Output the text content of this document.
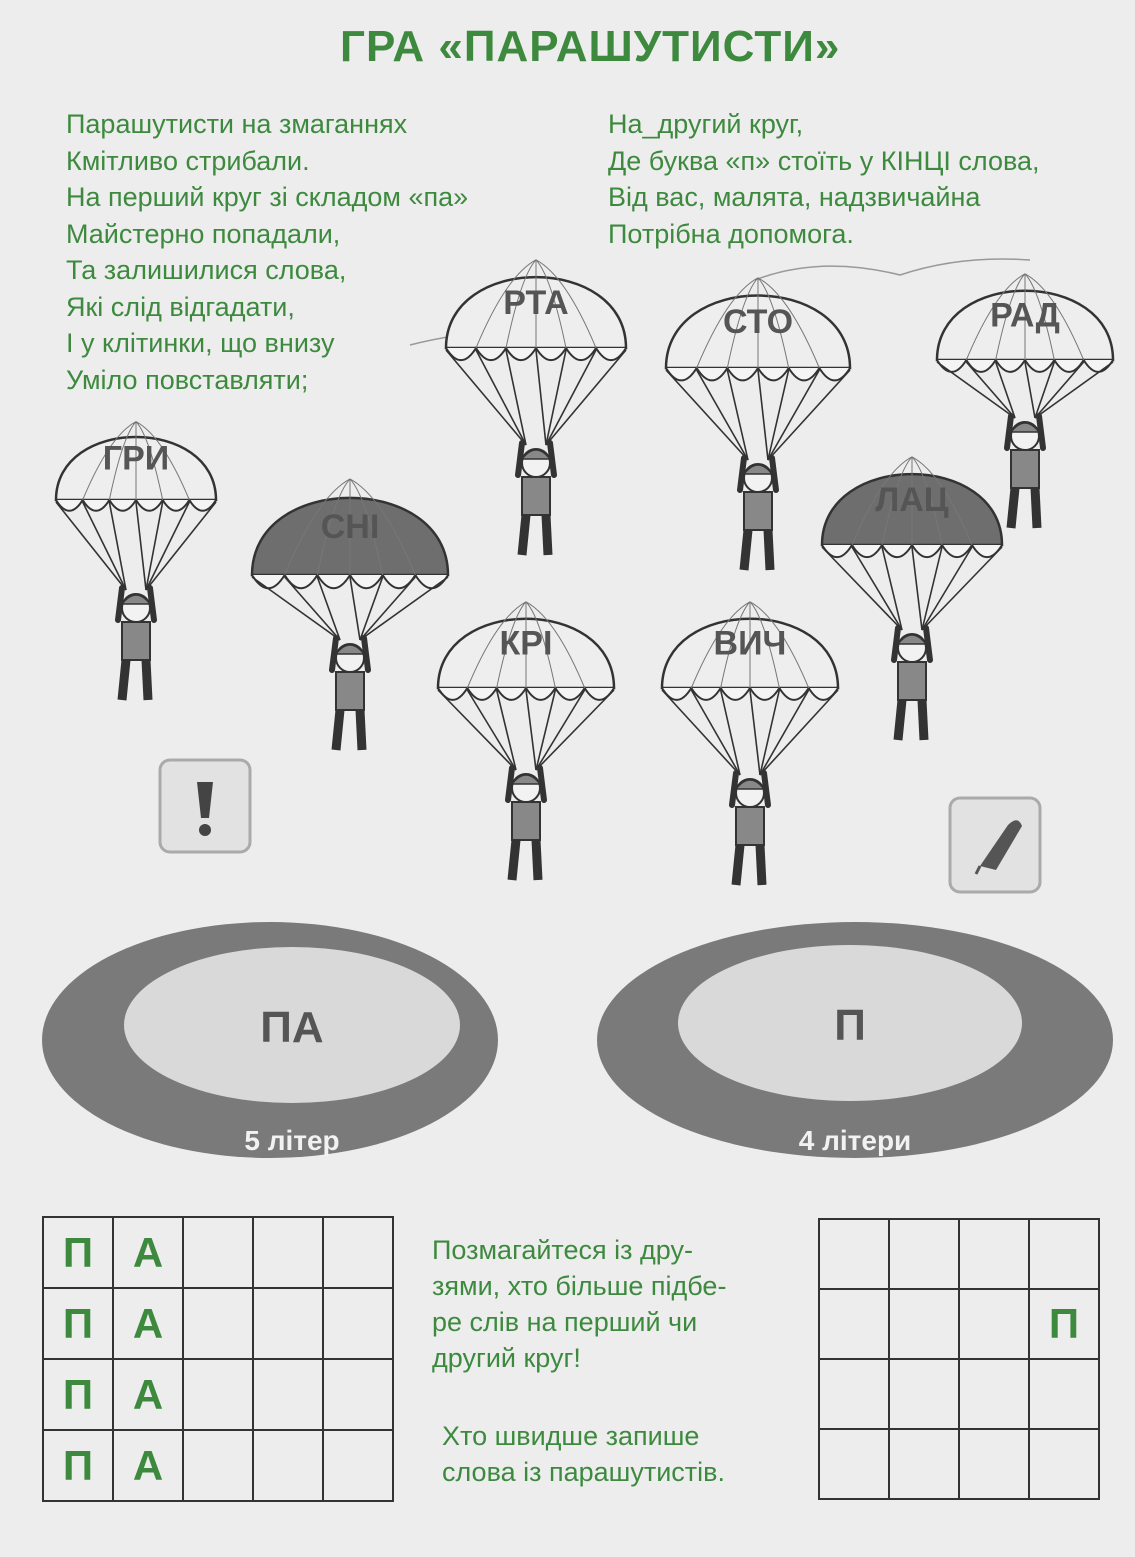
ГРА «ПАРАШУТИСТИ»
Парашутисти на змаганнях
Кмітливо стрибали.
На перший круг зі складом «па»
Майстерно попадали,
Та залишилися слова,
Які слід відгадати,
І у клітинки, що внизу
Уміло повставляти;
На_другий круг,
Де буква «п» стоїть у КІНЦІ слова,
Від вас, малята, надзвичайна
Потрібна допомога.
ГРИ
СНІ
РТА
КРІ
СТО
ВИЧ
ЛАЦ
РАД
ПА
5 літер
П
4 літери
П	А			
П	А			
П	А			
П	А			
Позмагайтеся із дру-
зями, хто більше підбе-
ре слів на перший чи
другий круг!
Хто швидше запише
слова із парашутистів.

			П
